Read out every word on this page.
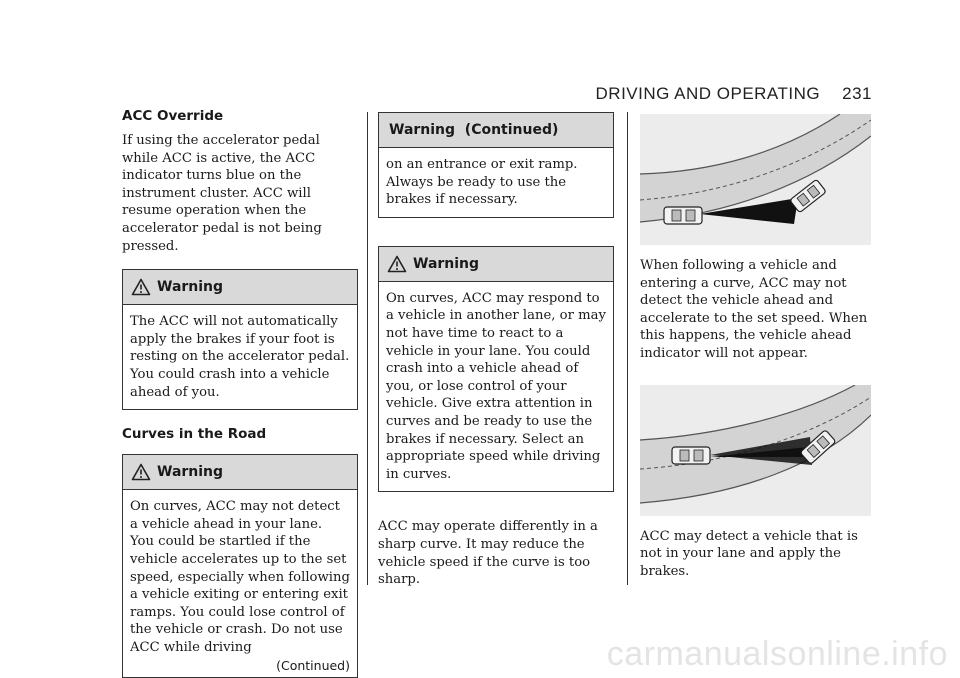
DRIVING AND OPERATING 231
ACC Override

If using the accelerator pedal while ACC is active, the ACC indicator turns blue on the instrument cluster. ACC will resume operation when the accelerator pedal is not being pressed.

Warning
The ACC will not automatically apply the brakes if your foot is resting on the accelerator pedal. You could crash into a vehicle ahead of you.
Curves in the Road
Warning
On curves, ACC may not detect a vehicle ahead in your lane. You could be startled if the vehicle accelerates up to the set speed, especially when following a vehicle exiting or entering exit ramps. You could lose control of the vehicle or crash. Do not use ACC while driving
(Continued)
Warning  (Continued)
on an entrance or exit ramp. Always be ready to use the brakes if necessary.
Warning
On curves, ACC may respond to a vehicle in another lane, or may not have time to react to a vehicle in your lane. You could crash into a vehicle ahead of you, or lose control of your vehicle. Give extra attention in curves and be ready to use the brakes if necessary. Select an appropriate speed while driving in curves.

ACC may operate differently in a sharp curve. It may reduce the vehicle speed if the curve is too sharp.

When following a vehicle and entering a curve, ACC may not detect the vehicle ahead and accelerate to the set speed. When this happens, the vehicle ahead indicator will not appear.

ACC may detect a vehicle that is not in your lane and apply the brakes.

carmanualsonline.info
